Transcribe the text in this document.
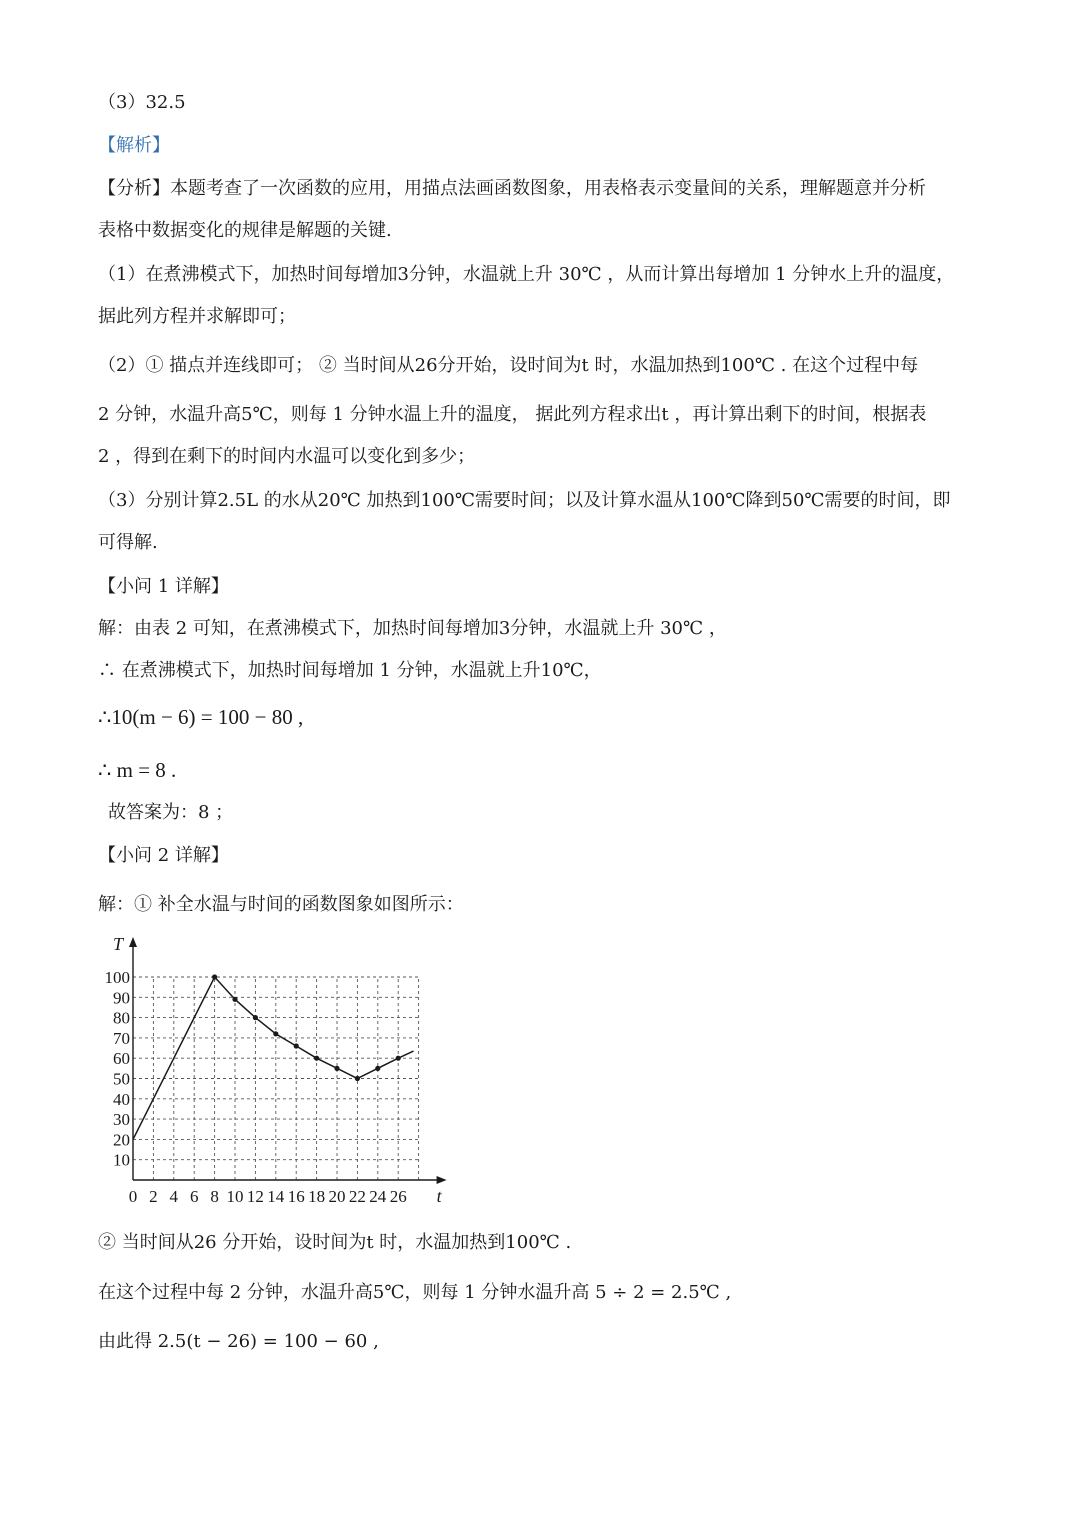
（3）32.5
【解析】
【分析】本题考查了一次函数的应用，用描点法画函数图象，用表格表示变量间的关系，理解题意并分析
表格中数据变化的规律是解题的关键.
（1）在煮沸模式下，加热时间每增加3分钟，水温就上升 30℃ ，从而计算出每增加 1 分钟水上升的温度，
据此列方程并求解即可；
（2）① 描点并连线即可； ② 当时间从26分开始，设时间为t 时，水温加热到100℃ . 在这个过程中每
2 分钟，水温升高5℃，则每 1 分钟水温上升的温度， 据此列方程求出t ，再计算出剩下的时间，根据表
2 ，得到在剩下的时间内水温可以变化到多少；
（3）分别计算2.5L 的水从20℃ 加热到100℃需要时间；以及计算水温从100℃降到50℃需要的时间，即
可得解.
【小问 1 详解】
解：由表 2 可知，在煮沸模式下，加热时间每增加3分钟，水温就上升 30℃ ，
∴ 在煮沸模式下，加热时间每增加 1 分钟，水温就上升10℃，
∴10(m − 6) = 100 − 80 ,
∴ m = 8 .
故答案为：8 ；
【小问 2 详解】
解：① 补全水温与时间的函数图象如图所示：
0 2 4 6 8 10 12 14 16 18 20 22 24 26
10
20
30
40
50
60
70
80
90
100
t
T
② 当时间从26 分开始，设时间为t 时，水温加热到100℃ .
在这个过程中每 2 分钟，水温升高5℃，则每 1 分钟水温升高 5 ÷ 2 = 2.5℃ ,
由此得 2.5(t − 26) = 100 − 60 ,
